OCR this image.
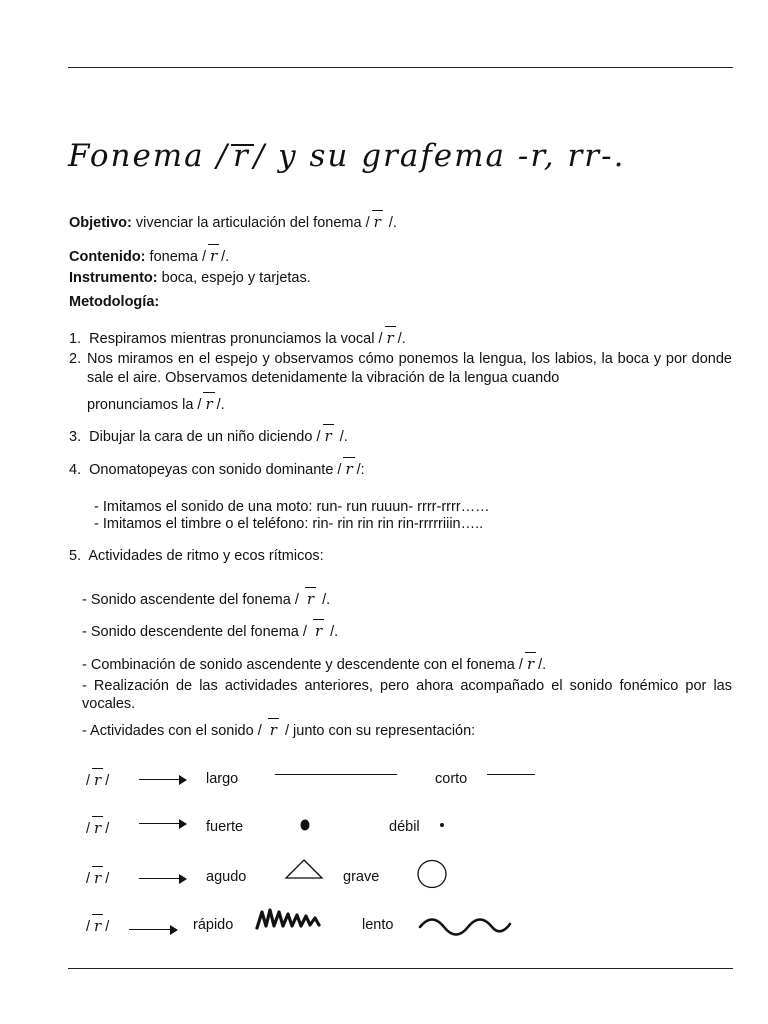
Fonema / r / y su grafema -r, rr-.
Objetivo: vivenciar la articulación del fonema / r /.
Contenido: fonema / r /.
Instrumento: boca, espejo y tarjetas.
Metodología:
1. Respiramos mientras pronunciamos la vocal / r /.
2. Nos miramos en el espejo y observamos cómo ponemos la lengua, los labios, la boca y por donde sale el aire. Observamos detenidamente la vibración de la lengua cuando
pronunciamos la / r /.
3. Dibujar la cara de un niño diciendo / r /.
4. Onomatopeyas con sonido dominante / r /:
- Imitamos el sonido de una moto: run- run ruuun- rrrr-rrrr……
- Imitamos el timbre o el teléfono: rin- rin rin rin rin-rrrrriiin…..
5. Actividades de ritmo y ecos rítmicos:
- Sonido ascendente del fonema / r /.
- Sonido descendente del fonema / r /.
- Combinación de sonido ascendente y descendente con el fonema / r /.
- Realización de las actividades anteriores, pero ahora acompañado el sonido fonémico por las vocales.
- Actividades con el sonido / r / junto con su representación:
/ r /	largo	corto
/ r /	fuerte	débil
/ r /	agudo	grave
/ r /	rápido	lento
